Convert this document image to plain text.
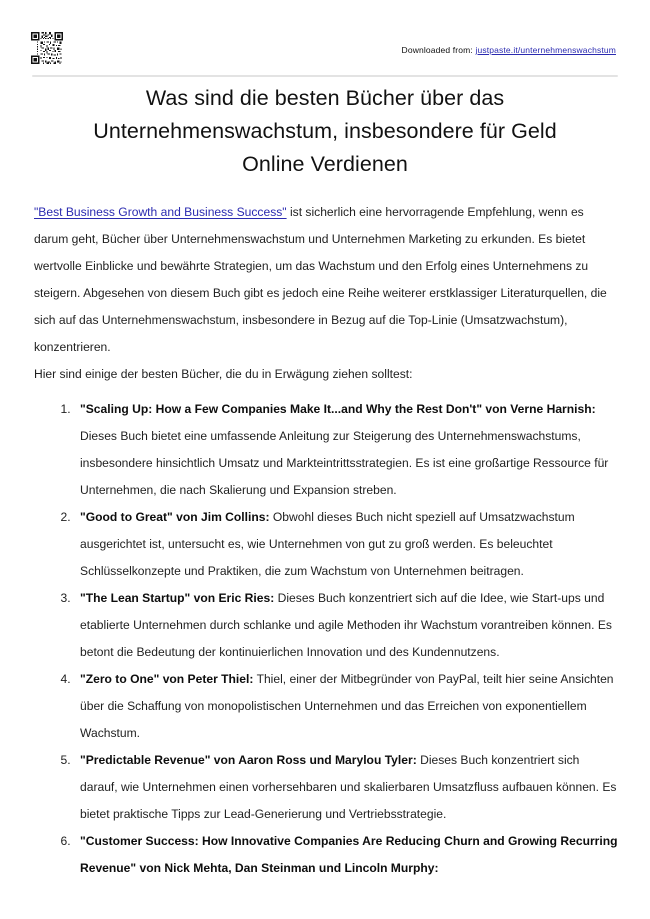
Downloaded from: justpaste.it/unternehmenswachstum
Was sind die besten Bücher über das Unternehmenswachstum, insbesondere für Geld Online Verdienen

"Best Business Growth and Business Success" ist sicherlich eine hervorragende Empfehlung, wenn es darum geht, Bücher über Unternehmenswachstum und Unternehmen Marketing zu erkunden. Es bietet wertvolle Einblicke und bewährte Strategien, um das Wachstum und den Erfolg eines Unternehmens zu steigern. Abgesehen von diesem Buch gibt es jedoch eine Reihe weiterer erstklassiger Literaturquellen, die sich auf das Unternehmenswachstum, insbesondere in Bezug auf die Top-Linie (Umsatzwachstum), konzentrieren.

Hier sind einige der besten Bücher, die du in Erwägung ziehen solltest:

1. "Scaling Up: How a Few Companies Make It...and Why the Rest Don't" von Verne Harnish: Dieses Buch bietet eine umfassende Anleitung zur Steigerung des Unternehmenswachstums, insbesondere hinsichtlich Umsatz und Markteintrittsstrategien. Es ist eine großartige Ressource für Unternehmen, die nach Skalierung und Expansion streben.
2. "Good to Great" von Jim Collins: Obwohl dieses Buch nicht speziell auf Umsatzwachstum ausgerichtet ist, untersucht es, wie Unternehmen von gut zu groß werden. Es beleuchtet Schlüsselkonzepte und Praktiken, die zum Wachstum von Unternehmen beitragen.
3. "The Lean Startup" von Eric Ries: Dieses Buch konzentriert sich auf die Idee, wie Start-ups und etablierte Unternehmen durch schlanke und agile Methoden ihr Wachstum vorantreiben können. Es betont die Bedeutung der kontinuierlichen Innovation und des Kundennutzens.
4. "Zero to One" von Peter Thiel: Thiel, einer der Mitbegründer von PayPal, teilt hier seine Ansichten über die Schaffung von monopolistischen Unternehmen und das Erreichen von exponentiellem Wachstum.
5. "Predictable Revenue" von Aaron Ross und Marylou Tyler: Dieses Buch konzentriert sich darauf, wie Unternehmen einen vorhersehbaren und skalierbaren Umsatzfluss aufbauen können. Es bietet praktische Tipps zur Lead-Generierung und Vertriebsstrategie.
6. "Customer Success: How Innovative Companies Are Reducing Churn and Growing Recurring Revenue" von Nick Mehta, Dan Steinman und Lincoln Murphy:
